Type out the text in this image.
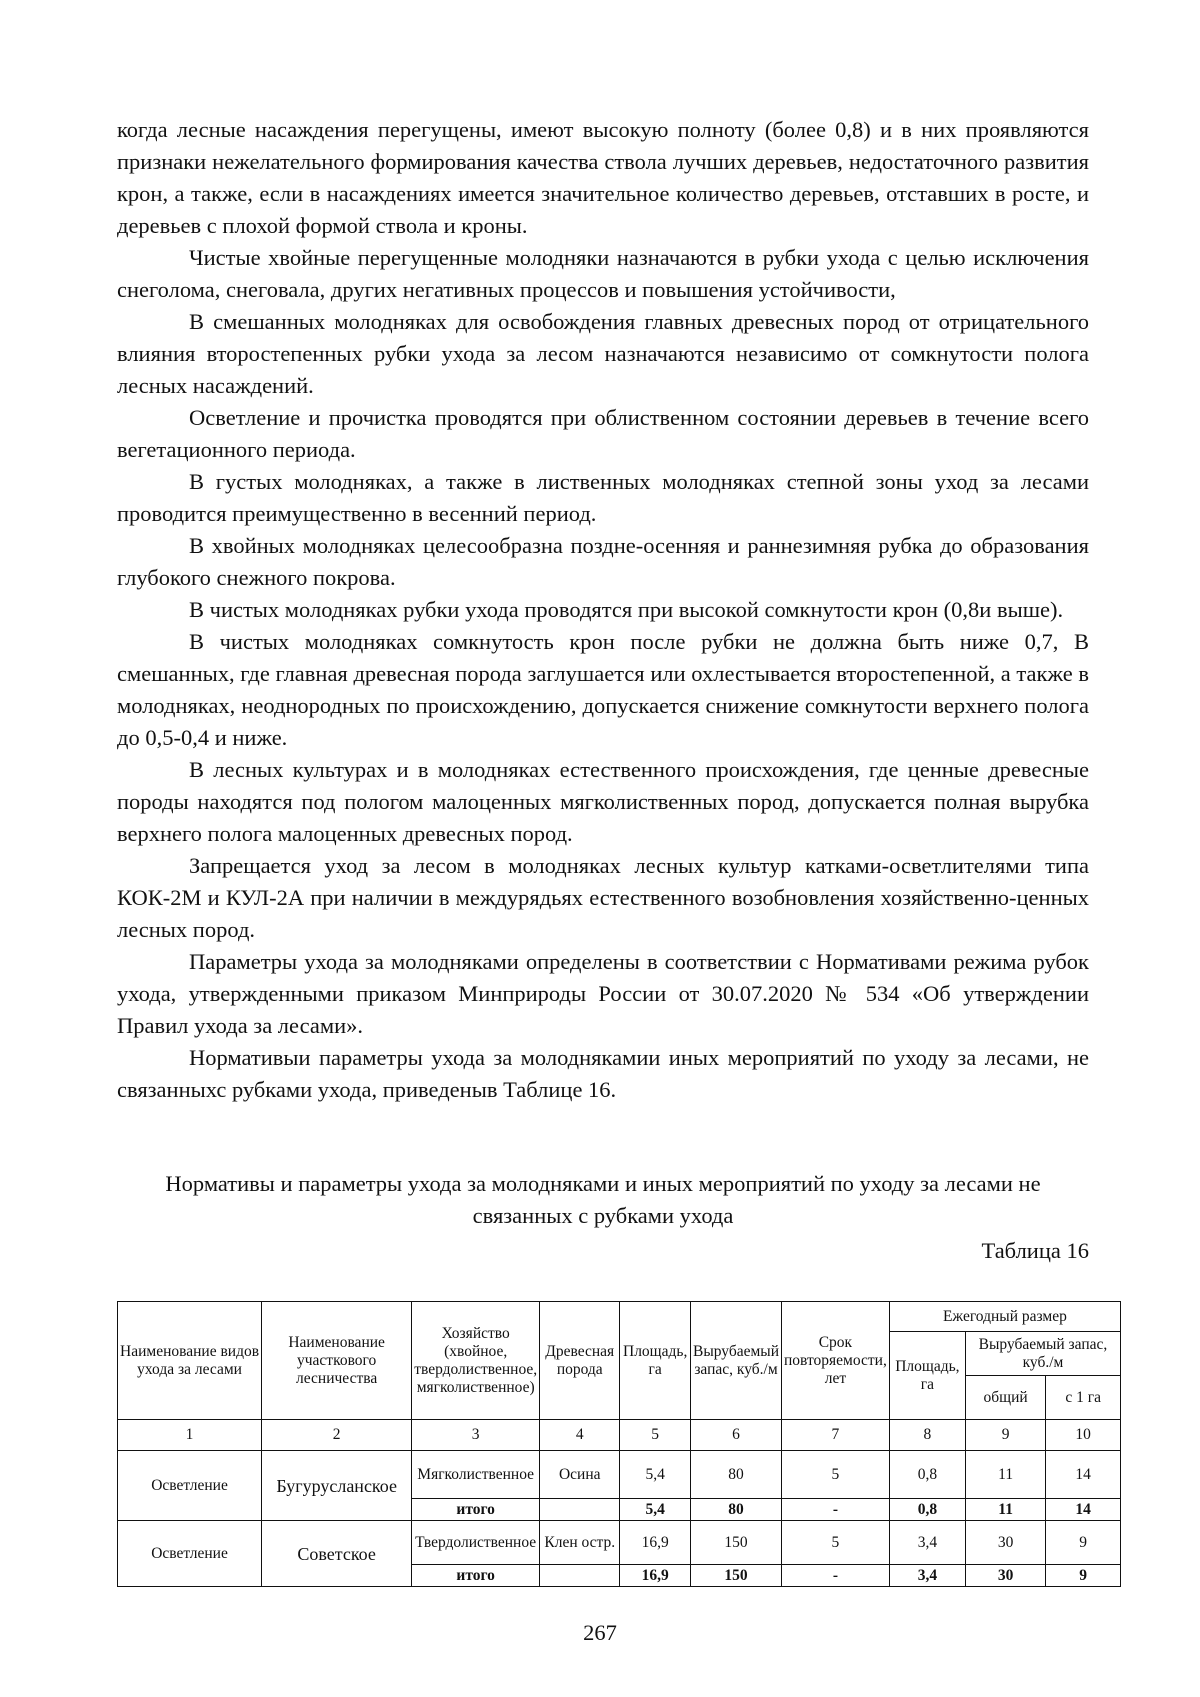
когда лесные насаждения перегущены, имеют высокую полноту (более 0,8) и в них проявляются признаки нежелательного формирования качества ствола лучших деревьев, недостаточного развития крон, а также, если в насаждениях имеется значительное количество деревьев, отставших в росте, и деревьев с плохой формой ствола и кроны.

Чистые хвойные перегущенные молодняки назначаются в рубки ухода с целью исключения снеголома, снеговала, других негативных процессов и повышения устойчивости,

В смешанных молодняках для освобождения главных древесных пород от отрицательного влияния второстепенных рубки ухода за лесом назначаются независимо от сомкнутости полога лесных насаждений.

Осветление и прочистка проводятся при облиственном состоянии деревьев в течение всего вегетационного периода.

В густых молодняках, а также в лиственных молодняках степной зоны уход за лесами проводится преимущественно в весенний период.

В хвойных молодняках целесообразна поздне-осенняя и раннезимняя рубка до образования глубокого снежного покрова.

В чистых молодняках рубки ухода проводятся при высокой сомкнутости крон (0,8и выше).

В чистых молодняках сомкнутость крон после рубки не должна быть ниже 0,7, В смешанных, где главная древесная порода заглушается или охлестывается второстепенной, а также в молодняках, неоднородных по происхождению, допускается снижение сомкнутости верхнего полога до 0,5-0,4 и ниже.

В лесных культурах и в молодняках естественного происхождения, где ценные древесные породы находятся под пологом малоценных мягколиственных пород, допускается полная вырубка верхнего полога малоценных древесных пород.

Запрещается уход за лесом в молодняках лесных культур катками-осветлителями типа КОК-2М и КУЛ-2А при наличии в междурядьях естественного возобновления хозяйственно-ценных лесных пород.

Параметры ухода за молодняками определены в соответствии с Нормативами режима рубок ухода, утвержденными приказом Минприроды России от 30.07.2020 № 534 «Об утверждении Правил ухода за лесами».

Нормативыи параметры ухода за молоднякамии иных мероприятий по уходу за лесами, не связанныхс рубками ухода, приведеныв Таблице 16.

Нормативы и параметры ухода за молодняками и иных мероприятий по уходу за лесами не
связанных с рубками ухода
Таблица 16
Наименование видов ухода за лесами	Наименование участкового лесничества	Хозяйство (хвойное, твердолиственное, мягколиственное)	Древесная порода	Площадь, га	Вырубаемый запас, куб./м	Срок повторяемости, лет	Ежегодный размер		
							Площадь, га	Вырубаемый запас, куб./м	
								общий	с 1 га
1	2	3	4	5	6	7	8	9	10
Осветление	Бугурусланское	Мягколиственное	Осина	5,4	80	5	0,8	11	14
		итого		5,4	80	-	0,8	11	14
Осветление	Советское	Твердолиственное	Клен остр.	16,9	150	5	3,4	30	9
		итого		16,9	150	-	3,4	30	9
267
